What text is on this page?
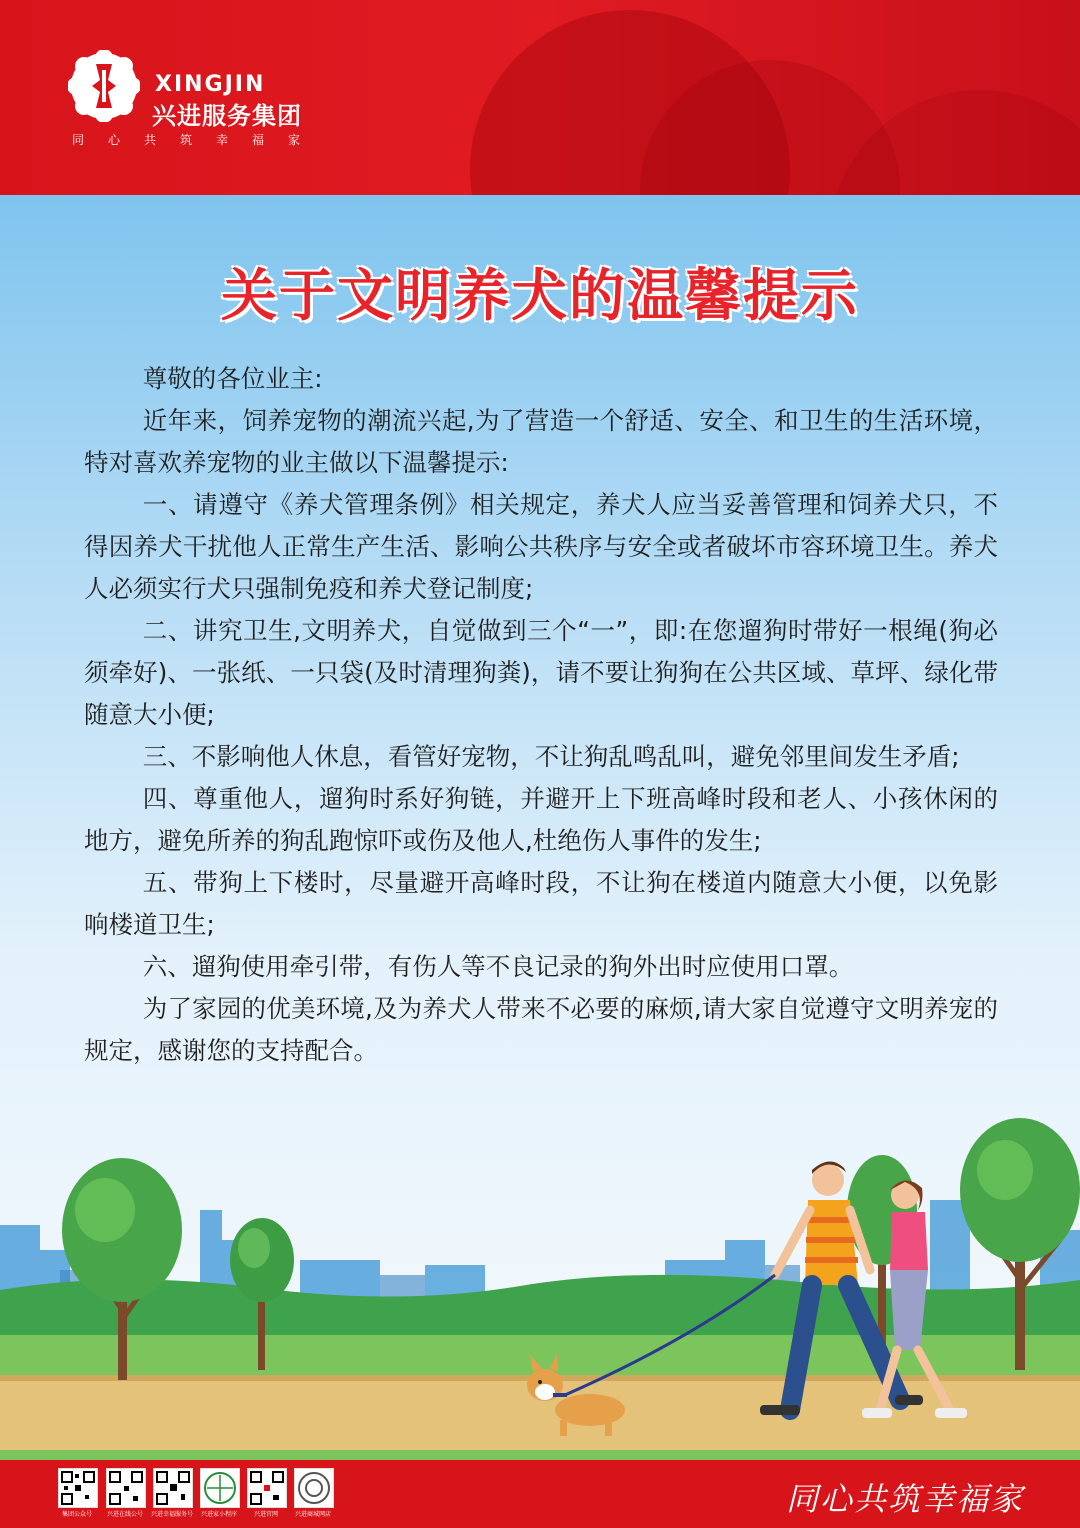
XINGJIN
兴进服务集团
同心共筑幸福家
关于文明养犬的温馨提示

尊敬的各位业主:

近年来，饲养宠物的潮流兴起,为了营造一个舒适、安全、和卫生的生活环境，特对喜欢养宠物的业主做以下温馨提示:

一、请遵守《养犬管理条例》相关规定，养犬人应当妥善管理和饲养犬只，不得因养犬干扰他人正常生产生活、影响公共秩序与安全或者破坏市容环境卫生。养犬人必须实行犬只强制免疫和养犬登记制度;

二、讲究卫生,文明养犬，自觉做到三个“一”，即:在您遛狗时带好一根绳(狗必须牵好)、一张纸、一只袋(及时清理狗粪)，请不要让狗狗在公共区域、草坪、绿化带随意大小便;

三、不影响他人休息，看管好宠物，不让狗乱鸣乱叫，避免邻里间发生矛盾;

四、尊重他人，遛狗时系好狗链，并避开上下班高峰时段和老人、小孩休闲的地方，避免所养的狗乱跑惊吓或伤及他人,杜绝伤人事件的发生;

五、带狗上下楼时，尽量避开高峰时段，不让狗在楼道内随意大小便，以免影响楼道卫生;

六、遛狗使用牵引带，有伤人等不良记录的狗外出时应使用口罩。

为了家园的优美环境,及为养犬人带来不必要的麻烦,请大家自觉遵守文明养宠的规定，感谢您的支持配合。

集团公众号	兴进在线公号	兴进幸福服务号	兴进家小程序	兴进官网	兴进商城网店	同心共筑幸福家
